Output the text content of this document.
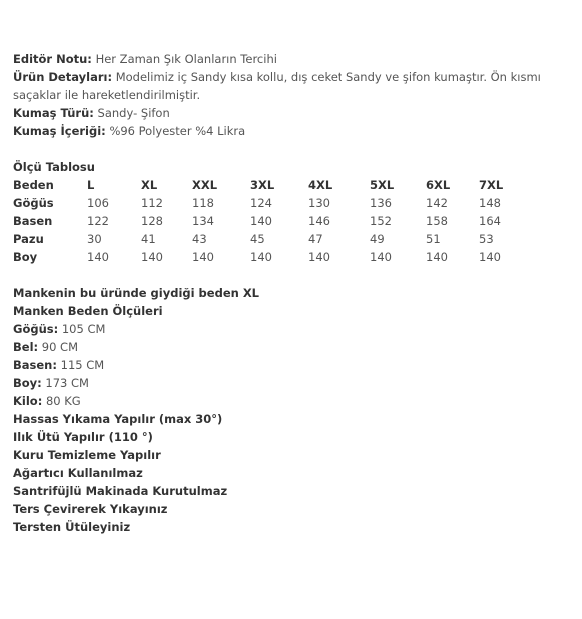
Editör Notu: Her Zaman Şık Olanların Tercihi
Ürün Detayları: Modelimiz iç Sandy kısa kollu, dış ceket Sandy ve şifon kumaştır. Ön kısmı saçaklar ile hareketlendirilmiştir.
Kumaş Türü: Sandy- Şifon
Kumaş İçeriği: %96 Polyester %4 Likra
Ölçü Tablosu
Beden	L	XL	XXL	3XL	4XL	5XL	6XL	7XL
Göğüs	106	112	118	124	130	136	142	148
Basen	122	128	134	140	146	152	158	164
Pazu	30	41	43	45	47	49	51	53
Boy	140	140	140	140	140	140	140	140
Mankenin bu üründe giydiği beden XL
Manken Beden Ölçüleri
Göğüs: 105 CM
Bel: 90 CM
Basen: 115 CM
Boy: 173 CM
Kilo: 80 KG
Hassas Yıkama Yapılır (max 30°)
Ilık Ütü Yapılır (110 °)
Kuru Temizleme Yapılır
Ağartıcı Kullanılmaz
Santrifüjlü Makinada Kurutulmaz
Ters Çevirerek Yıkayınız
Tersten Ütüleyiniz
